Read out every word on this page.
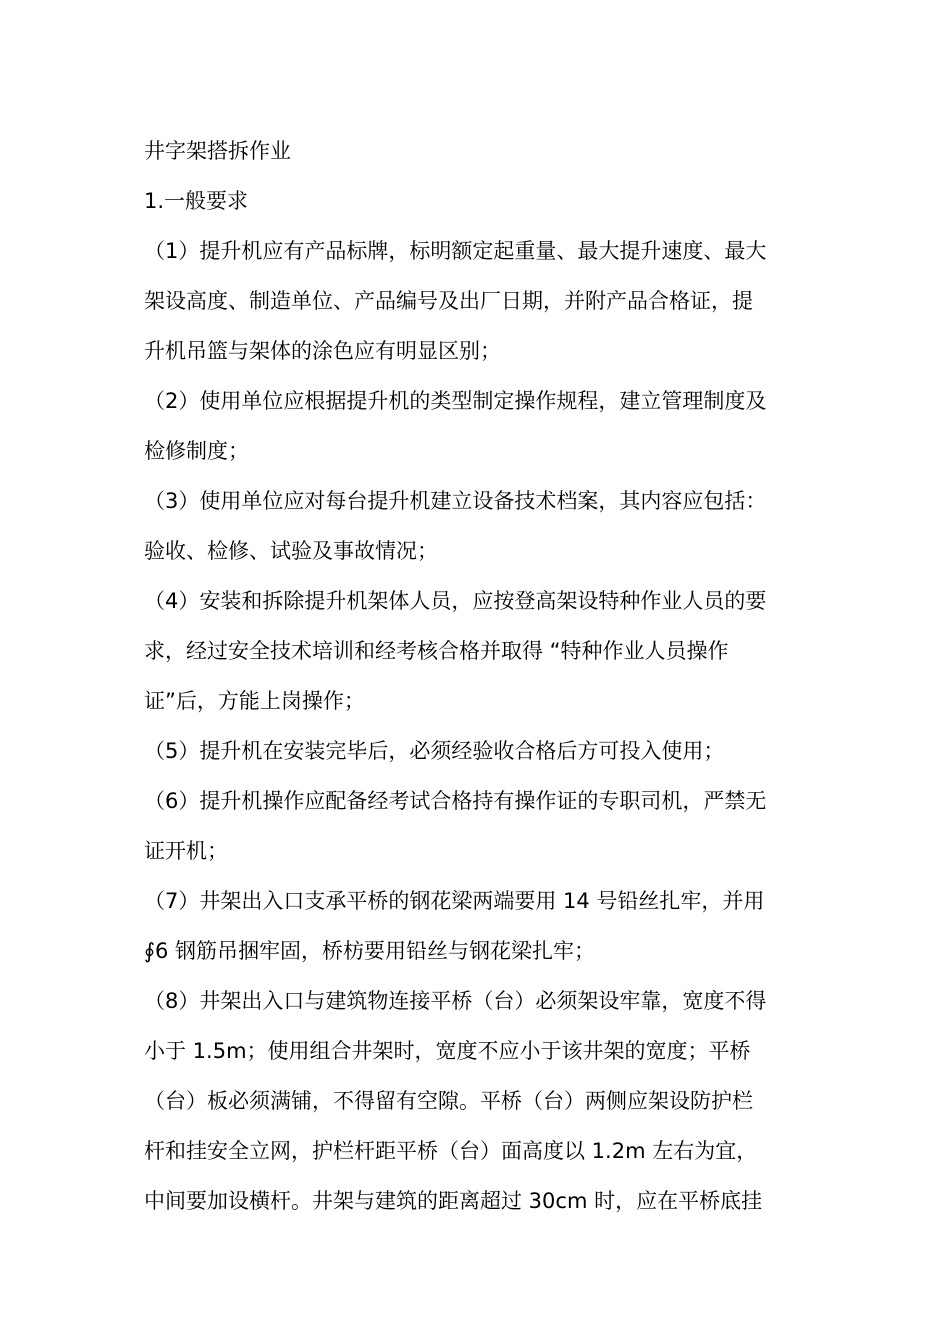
井字架搭拆作业
1.一般要求
（1）提升机应有产品标牌，标明额定起重量、最大提升速度、最大
架设高度、制造单位、产品编号及出厂日期，并附产品合格证，提
升机吊篮与架体的涂色应有明显区别；
（2）使用单位应根据提升机的类型制定操作规程，建立管理制度及
检修制度；
（3）使用单位应对每台提升机建立设备技术档案，其内容应包括：
验收、检修、试验及事故情况；
（4）安装和拆除提升机架体人员，应按登高架设特种作业人员的要
求，经过安全技术培训和经考核合格并取得 “特种作业人员操作
证”后，方能上岗操作；
（5）提升机在安装完毕后，必须经验收合格后方可投入使用；
（6）提升机操作应配备经考试合格持有操作证的专职司机，严禁无
证开机；
（7）井架出入口支承平桥的钢花梁两端要用 14 号铅丝扎牢，并用
∮6 钢筋吊捆牢固，桥枋要用铅丝与钢花梁扎牢；
（8）井架出入口与建筑物连接平桥（台）必须架设牢靠，宽度不得
小于 1.5m；使用组合井架时，宽度不应小于该井架的宽度；平桥
（台）板必须满铺，不得留有空隙。平桥（台）两侧应架设防护栏
杆和挂安全立网，护栏杆距平桥（台）面高度以 1.2m 左右为宜，
中间要加设横杆。井架与建筑的距离超过 30cm 时，应在平桥底挂
